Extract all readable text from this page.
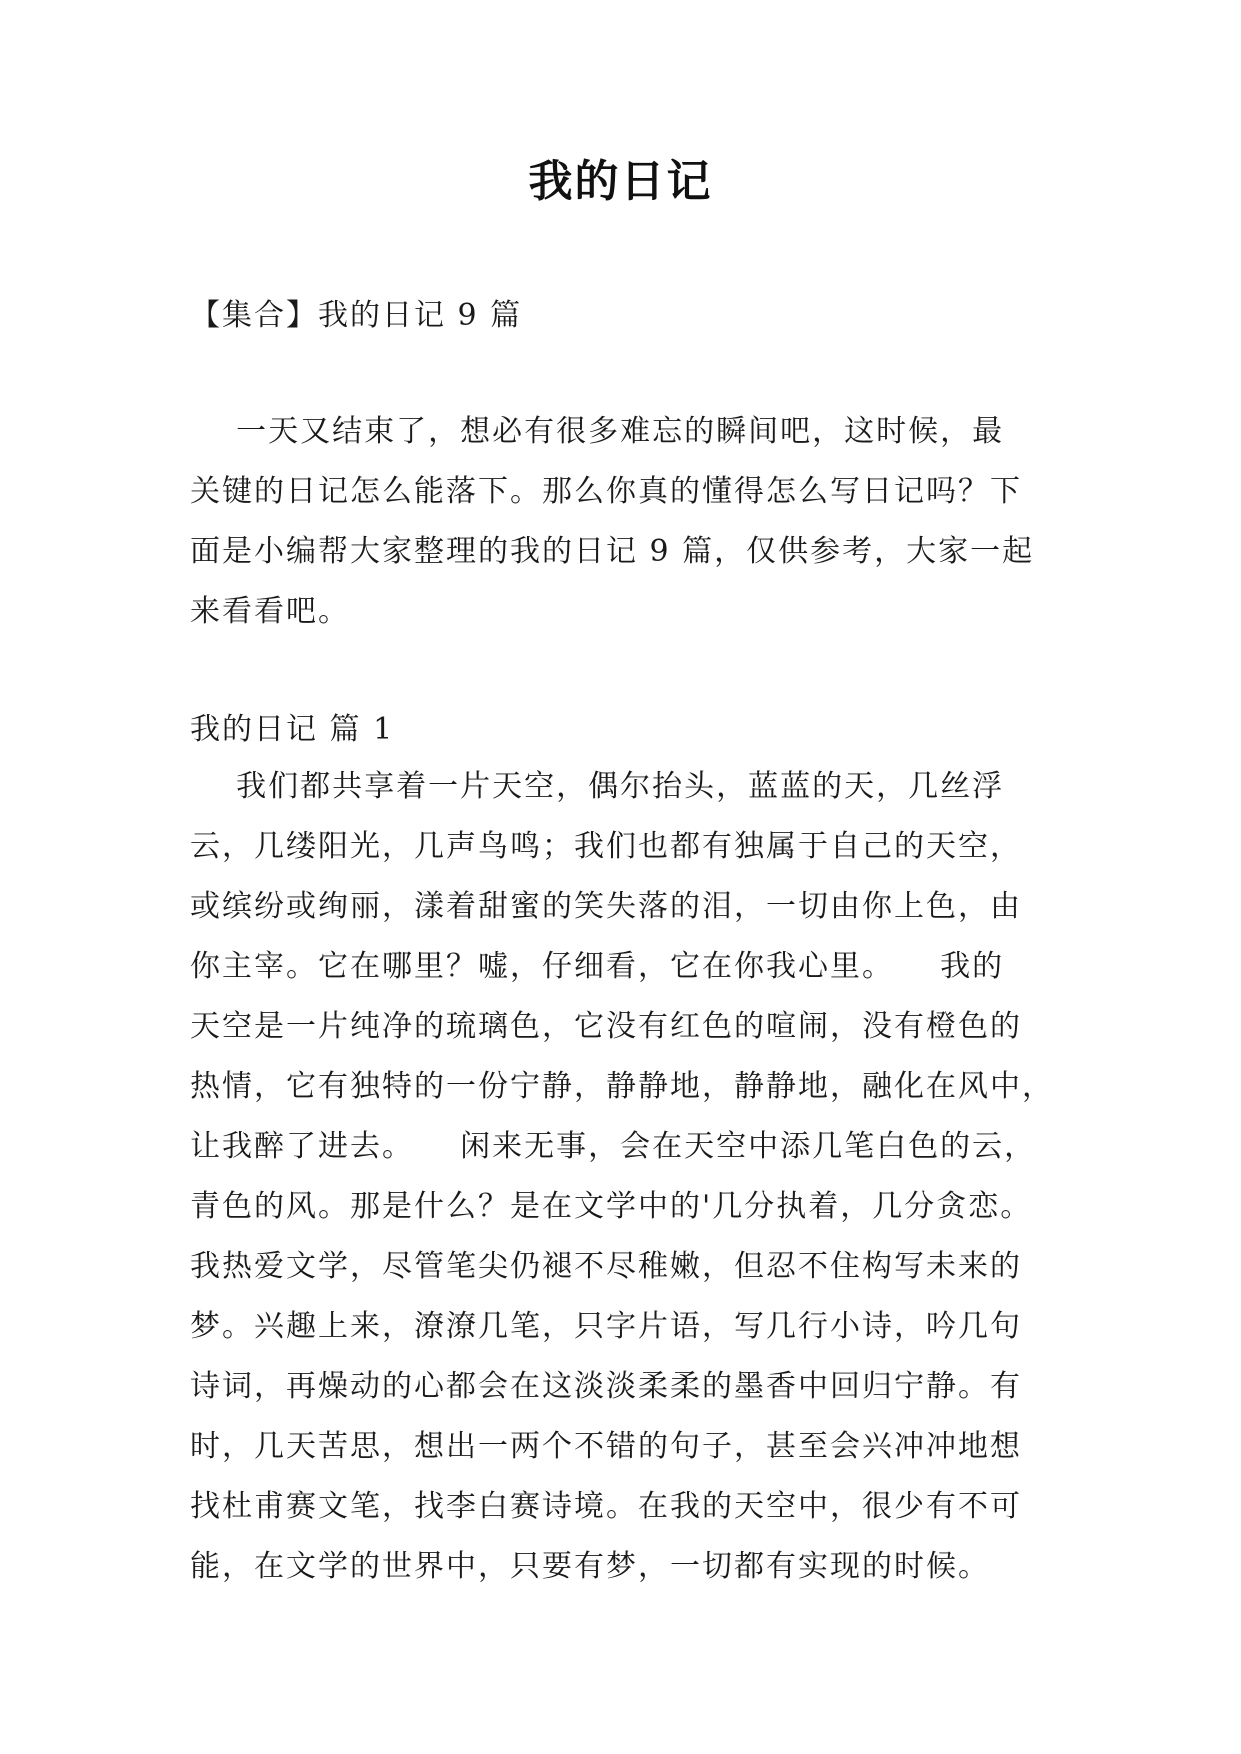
我的日记
【集合】我的日记 9 篇
一天又结束了，想必有很多难忘的瞬间吧，这时候，最
关键的日记怎么能落下。那么你真的懂得怎么写日记吗？下
面是小编帮大家整理的我的日记 9 篇，仅供参考，大家一起
来看看吧。
我的日记 篇 1
我们都共享着一片天空，偶尔抬头，蓝蓝的天，几丝浮
云，几缕阳光，几声鸟鸣；我们也都有独属于自己的天空，
或缤纷或绚丽，漾着甜蜜的笑失落的泪，一切由你上色，由
你主宰。它在哪里？嘘，仔细看，它在你我心里。    我的
天空是一片纯净的琉璃色，它没有红色的喧闹，没有橙色的
热情，它有独特的一份宁静，静静地，静静地，融化在风中，
让我醉了进去。    闲来无事，会在天空中添几笔白色的云，
青色的风。那是什么？是在文学中的'几分执着，几分贪恋。
我热爱文学，尽管笔尖仍褪不尽稚嫩，但忍不住构写未来的
梦。兴趣上来，潦潦几笔，只字片语，写几行小诗，吟几句
诗词，再燥动的心都会在这淡淡柔柔的墨香中回归宁静。有
时，几天苦思，想出一两个不错的句子，甚至会兴冲冲地想
找杜甫赛文笔，找李白赛诗境。在我的天空中，很少有不可
能，在文学的世界中，只要有梦，一切都有实现的时候。
